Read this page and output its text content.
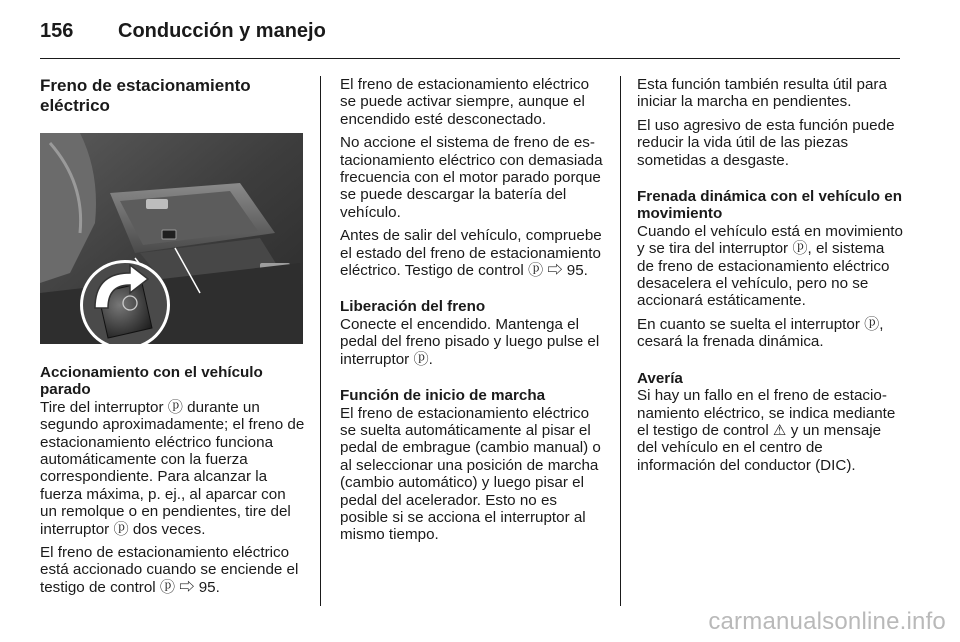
156	Conducción y manejo
Freno de estacionamiento eléctrico
Accionamiento con el vehículo parado

Tire del interruptor ⓟ durante un segundo aproximadamente; el freno de estacionamiento eléctrico funciona automáticamente con la fuerza correspondiente. Para alcanzar la fuerza máxima, p. ej., al aparcar con un remolque o en pendientes, tire del interruptor ⓟ dos veces.

El freno de estacionamiento eléctrico está accionado cuando se enciende el testigo de control ⓟ ⇨ 95.

El freno de estacionamiento eléctrico se puede activar siempre, aunque el encendido esté desconectado.

No accione el sistema de freno de estacionamiento eléctrico con demasiada frecuencia con el motor parado porque se puede descargar la batería del vehículo.

Antes de salir del vehículo, compruebe el estado del freno de estacionamiento eléctrico. Testigo de control ⓟ ⇨ 95.

Liberación del freno

Conecte el encendido. Mantenga el pedal del freno pisado y luego pulse el interruptor ⓟ.

Función de inicio de marcha

El freno de estacionamiento eléctrico se suelta automáticamente al pisar el pedal de embrague (cambio manual) o al seleccionar una posición de marcha (cambio automático) y luego pisar el pedal del acelerador. Esto no es posible si se acciona el interruptor al mismo tiempo.

Esta función también resulta útil para iniciar la marcha en pendientes.

El uso agresivo de esta función puede reducir la vida útil de las piezas sometidas a desgaste.

Frenada dinámica con el vehículo en movimiento

Cuando el vehículo está en movimiento y se tira del interruptor ⓟ, el sistema de freno de estacionamiento eléctrico desacelera el vehículo, pero no se accionará estáticamente.

En cuanto se suelta el interruptor ⓟ, cesará la frenada dinámica.

Avería

Si hay un fallo en el freno de estacionamiento eléctrico, se indica mediante el testigo de control ⚠ y un mensaje del vehículo en el centro de información del conductor (DIC).

carmanualsonline.info
